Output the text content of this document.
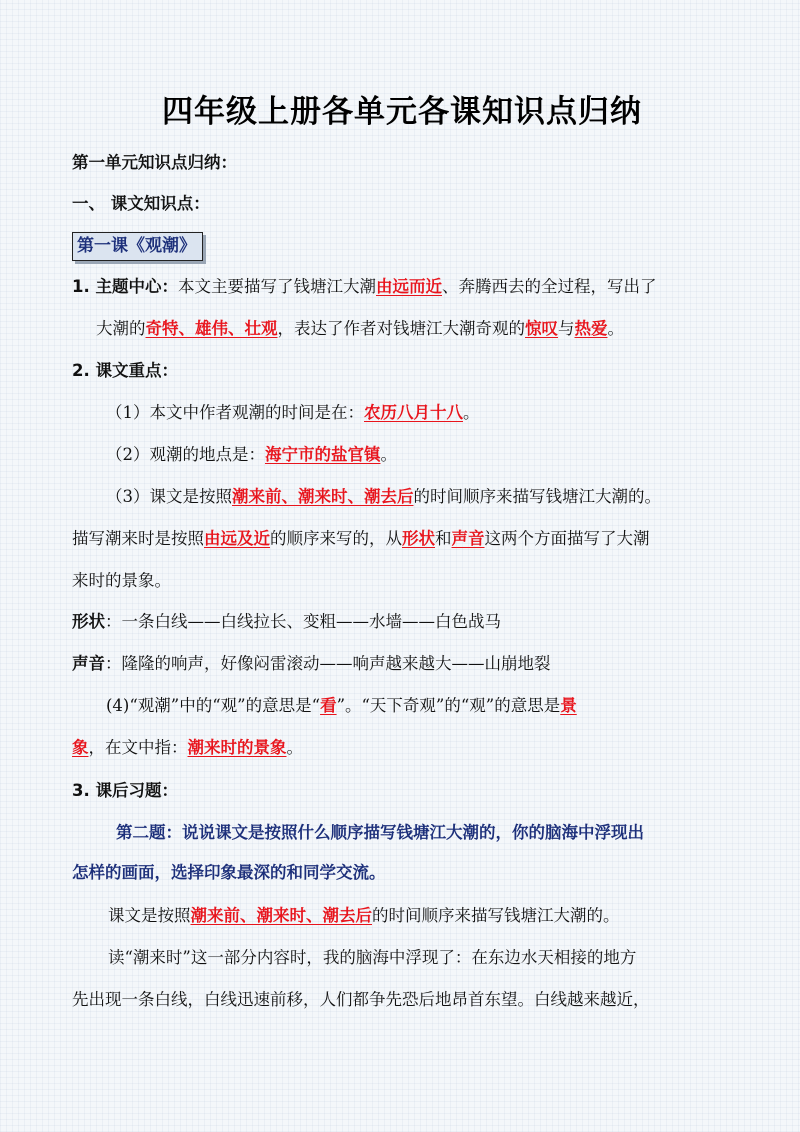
四年级上册各单元各课知识点归纳
第一单元知识点归纳：
一、 课文知识点：
第一课《观潮》
1. 主题中心：本文主要描写了钱塘江大潮由远而近、奔腾西去的全过程，写出了
大潮的奇特、雄伟、壮观，表达了作者对钱塘江大潮奇观的惊叹与热爱。
2. 课文重点：
（1）本文中作者观潮的时间是在：农历八月十八。
（2）观潮的地点是：海宁市的盐官镇。
（3）课文是按照潮来前、潮来时、潮去后的时间顺序来描写钱塘江大潮的。
描写潮来时是按照由远及近的顺序来写的，从形状和声音这两个方面描写了大潮
来时的景象。
形状：一条白线——白线拉长、变粗——水墙——白色战马
声音：隆隆的响声，好像闷雷滚动——响声越来越大——山崩地裂
(4)“观潮”中的“观”的意思是“看”。“天下奇观”的“观”的意思是景
象，在文中指：潮来时的景象。
3. 课后习题：
第二题：说说课文是按照什么顺序描写钱塘江大潮的，你的脑海中浮现出
怎样的画面，选择印象最深的和同学交流。
课文是按照潮来前、潮来时、潮去后的时间顺序来描写钱塘江大潮的。
读“潮来时”这一部分内容时，我的脑海中浮现了：在东边水天相接的地方
先出现一条白线，白线迅速前移，人们都争先恐后地昂首东望。白线越来越近，
